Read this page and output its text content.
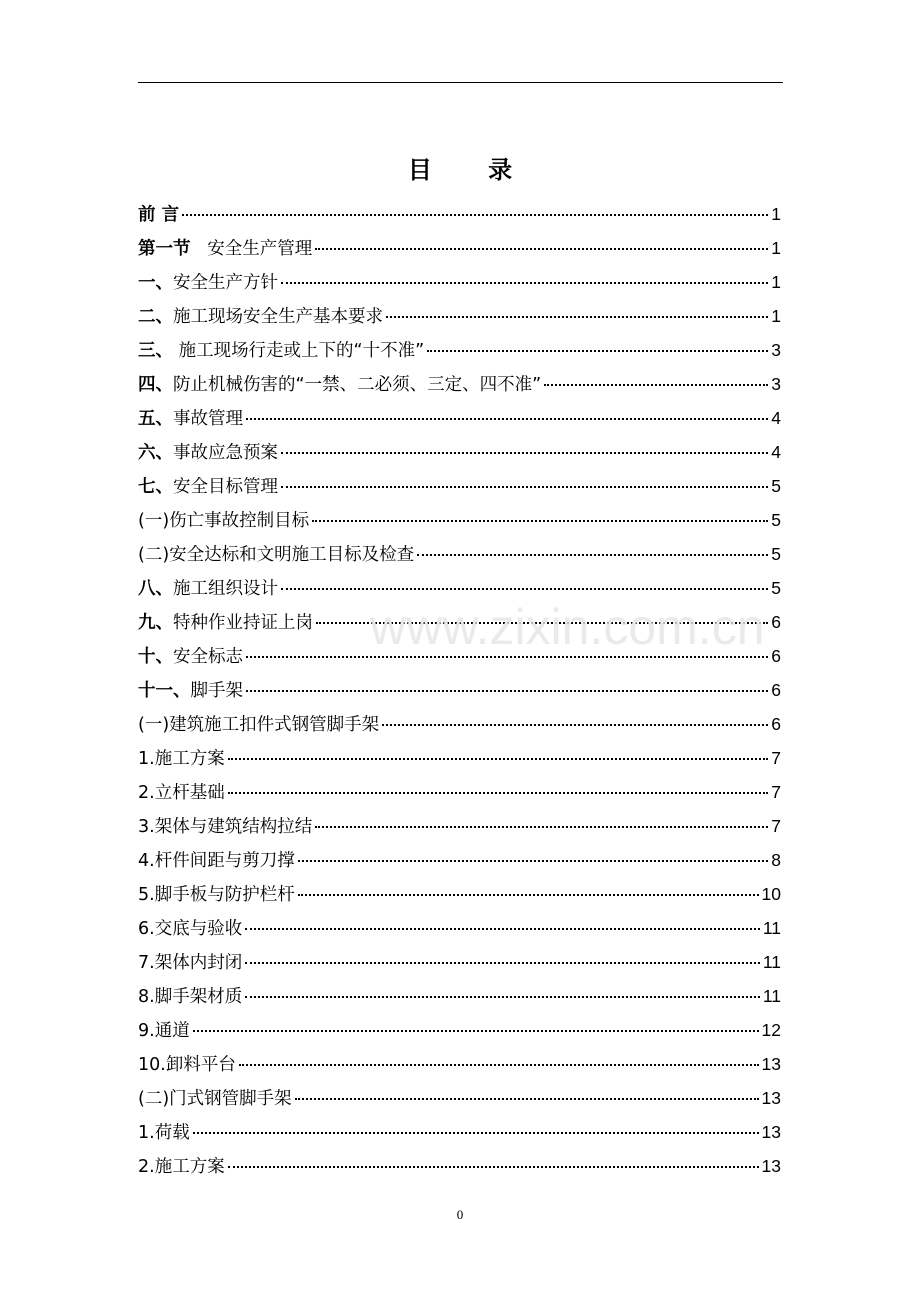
目 录
前 言	1
第一节   安全生产管理	1
一、安全生产方针	1
二、施工现场安全生产基本要求	1
三、 施工现场行走或上下的“十不准”	3
四、防止机械伤害的“一禁、二必须、三定、四不准”	3
五、事故管理	4
六、事故应急预案	4
七、安全目标管理	5
(一)伤亡事故控制目标	5
(二)安全达标和文明施工目标及检查	5
八、施工组织设计	5
九、特种作业持证上岗	6
十、安全标志	6
十一、脚手架	6
(一)建筑施工扣件式钢管脚手架	6
1.施工方案	7
2.立杆基础	7
3.架体与建筑结构拉结	7
4.杆件间距与剪刀撑	8
5.脚手板与防护栏杆	10
6.交底与验收	11
7.架体内封闭	11
8.脚手架材质	11
9.通道	12
10.卸料平台	13
(二)门式钢管脚手架	13
1.荷载	13
2.施工方案	13
www.zixin.com.cn
0
